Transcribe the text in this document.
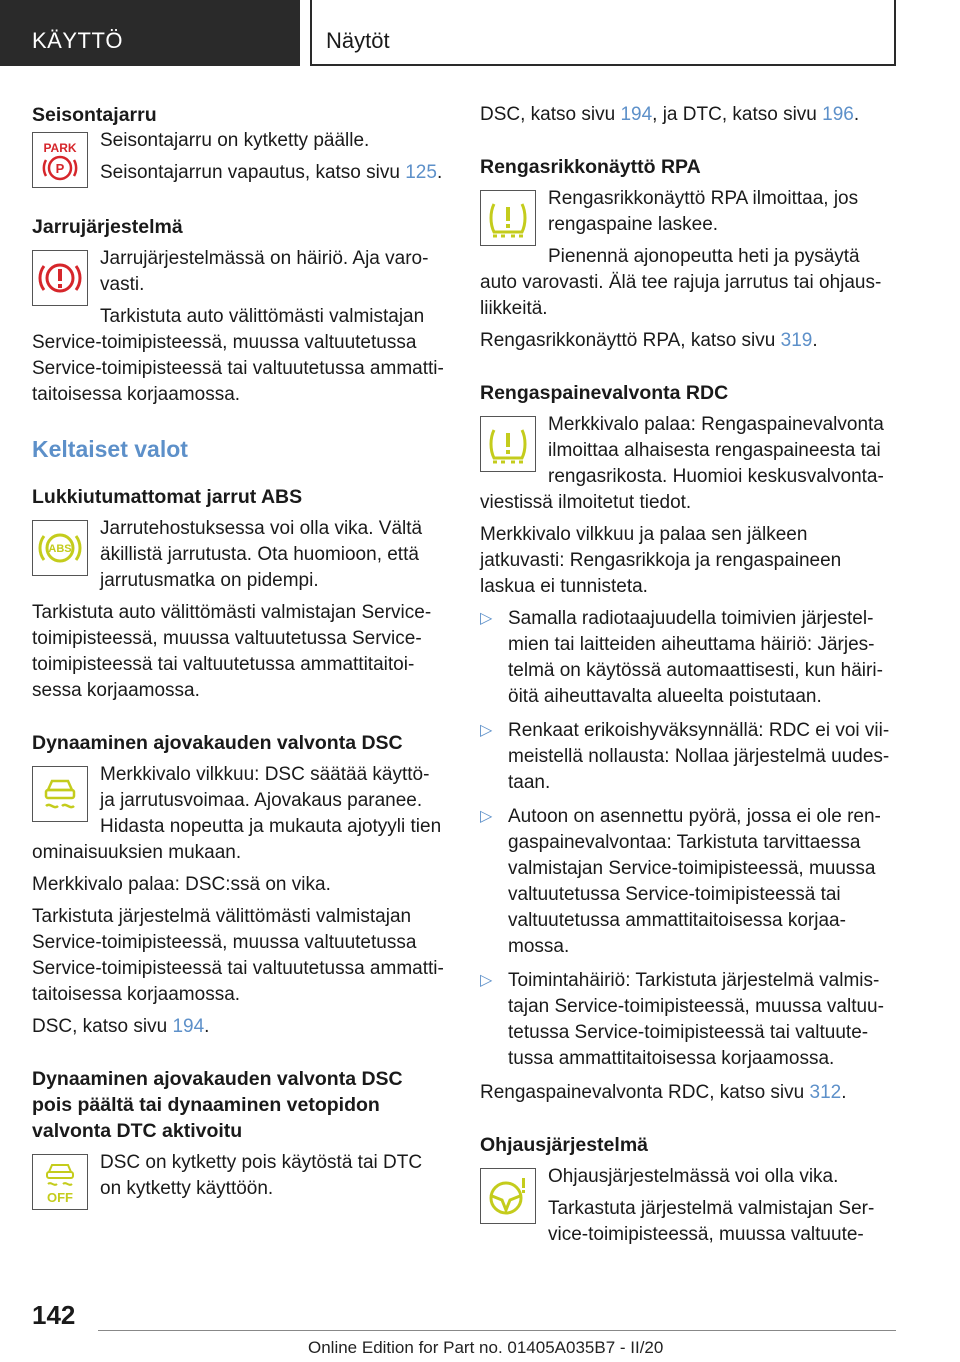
KÄYTTÖ	Näytöt
Seisontajarru
PARK
P

Seisontajarru on kytketty päälle.

Seisontajarrun vapautus, katso sivu 125.

Jarrujärjestelmä

Jarrujärjestelmässä on häiriö. Aja varovasti.

Tarkistuta auto välittömästi valmistajan Service-toimipisteessä, muussa valtuutetussa Service-toimipisteessä tai valtuutetussa ammattitaitoisessa korjaamossa.

Keltaiset valot
Lukkiutumattomat jarrut ABS
ABS

Jarrutehostuksessa voi olla vika. Vältä äkillistä jarrutusta. Ota huomioon, että jarrutusmatka on pidempi.

Tarkistuta auto välittömästi valmistajan Service-toimipisteessä, muussa valtuutetussa Service-toimipisteessä tai valtuutetussa ammattitaitoisessa korjaamossa.

Dynaaminen ajovakauden valvonta DSC

Merkkivalo vilkkuu: DSC säätää käyttö- ja jarrutusvoimaa. Ajovakaus paranee. Hidasta nopeutta ja mukauta ajotyyli tien ominaisuuksien mukaan.

Merkkivalo palaa: DSC:ssä on vika.

Tarkistuta järjestelmä välittömästi valmistajan Service-toimipisteessä, muussa valtuutetussa Service-toimipisteessä tai valtuutetussa ammattitaitoisessa korjaamossa.

DSC, katso sivu 194.

Dynaaminen ajovakauden valvonta DSC pois päältä tai dynaaminen vetopidon valvonta DTC aktivoitu
OFF

DSC on kytketty pois käytöstä tai DTC on kytketty käyttöön.

DSC, katso sivu 194, ja DTC, katso sivu 196.

Rengasrikkonäyttö RPA

Rengasrikkonäyttö RPA ilmoittaa, jos rengaspaine laskee.

Pienennä ajonopeutta heti ja pysäytä auto varovasti. Älä tee rajuja jarrutus tai ohjausliikkeitä.

Rengasrikkonäyttö RPA, katso sivu 319.

Rengaspainevalvonta RDC

Merkkivalo palaa: Rengaspainevalvonta ilmoittaa alhaisesta rengaspaineesta tai rengasrikosta. Huomioi keskusvalvontaviestissä ilmoitetut tiedot.

Merkkivalo vilkkuu ja palaa sen jälkeen jatkuvasti: Rengasrikkoja ja rengaspaineen laskua ei tunnisteta.

▷ Samalla radiotaajuudella toimivien järjestelmien tai laitteiden aiheuttama häiriö: Järjestelmä on käytössä automaattisesti, kun häiriöitä aiheuttavalta alueelta poistutaan.
▷ Renkaat erikoishyväksynnällä: RDC ei voi viimeistellä nollausta: Nollaa järjestelmä uudestaan.
▷ Autoon on asennettu pyörä, jossa ei ole rengaspainevalvontaa: Tarkistuta tarvittaessa valmistajan Service-toimipisteessä, muussa valtuutetussa Service-toimipisteessä tai valtuutetussa ammattitaitoisessa korjaamossa.
▷ Toimintahäiriö: Tarkistuta järjestelmä valmistajan Service-toimipisteessä, muussa valtuutetussa Service-toimipisteessä tai valtuutetussa ammattitaitoisessa korjaamossa.

Rengaspainevalvonta RDC, katso sivu 312.

Ohjausjärjestelmä

Ohjausjärjestelmässä voi olla vika.

Tarkastuta järjestelmä valmistajan Service-toimipisteessä, muussa valtuute-

142
Online Edition for Part no. 01405A035B7 - II/20
